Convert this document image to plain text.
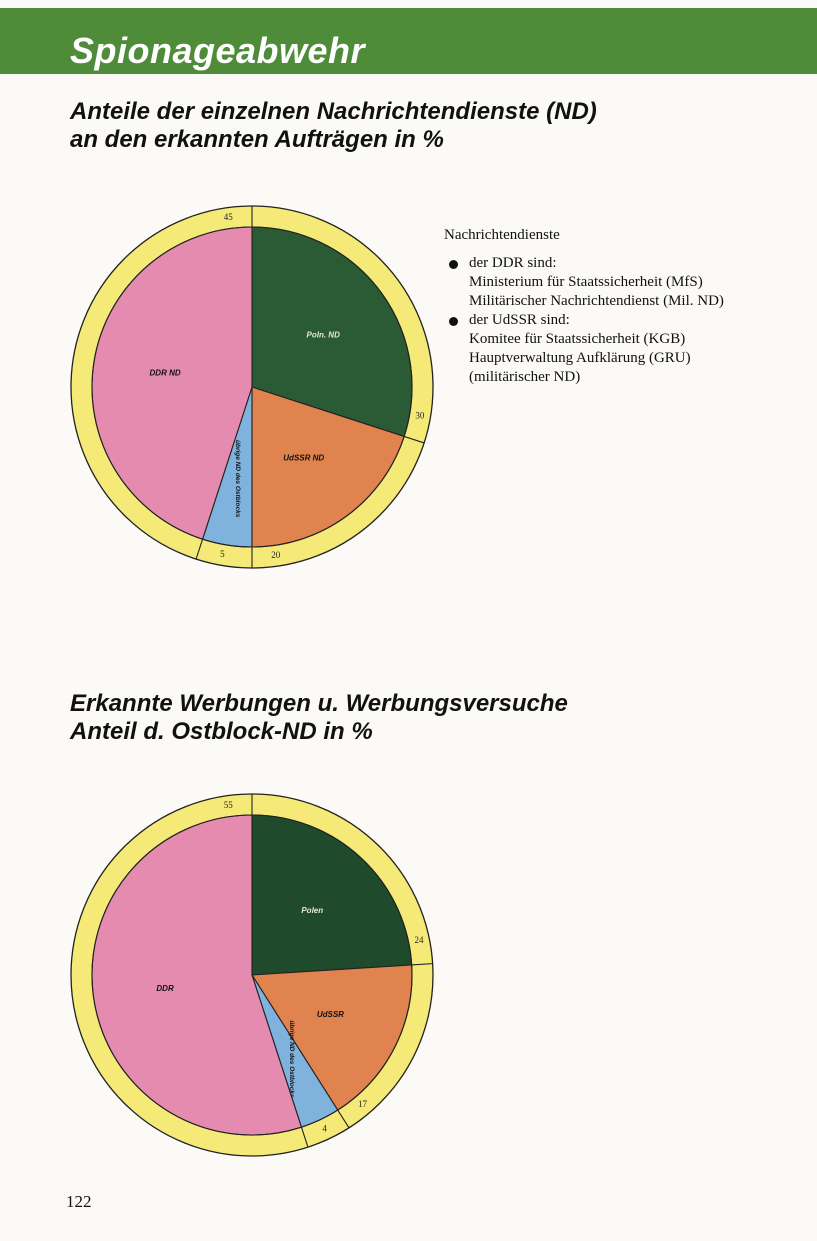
Spionageabwehr
Anteile der einzelnen Nachrichtendienste (ND)
an den erkannten Aufträgen in %
Poln. ND
30
UdSSR ND
20
übrige ND des Ostblocks
5
DDR ND
45
Nachrichtendienste
der DDR sind:
Ministerium für Staatssicherheit (MfS)
Militärischer Nachrichtendienst (Mil. ND)
der UdSSR sind:
Komitee für Staatssicherheit (KGB)
Hauptverwaltung Aufklärung (GRU)
(militärischer ND)
Erkannte Werbungen u. Werbungsversuche
Anteil d. Ostblock-ND in %
Polen
24
UdSSR
17
übrige ND des Ostblocks
4
DDR
55
122
